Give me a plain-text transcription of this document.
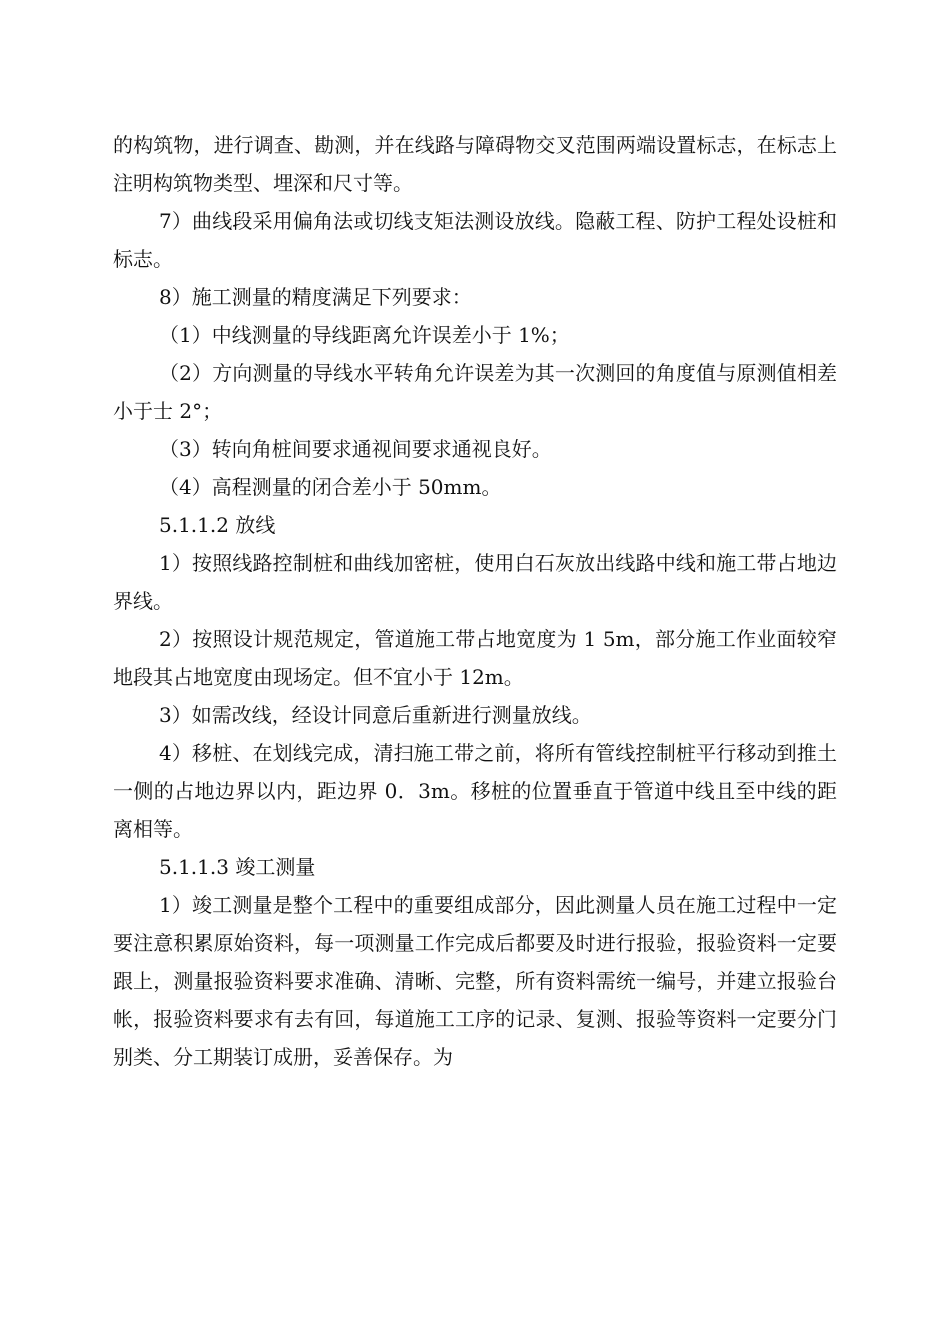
的构筑物，进行调查、勘测，并在线路与障碍物交叉范围两端设置标志，在标志上注明构筑物类型、埋深和尺寸等。

7）曲线段采用偏角法或切线支矩法测设放线。隐蔽工程、防护工程处设桩和标志。

8）施工测量的精度满足下列要求：

（1）中线测量的导线距离允许误差小于 1%；

（2）方向测量的导线水平转角允许误差为其一次测回的角度值与原测值相差小于士 2°；

（3）转向角桩间要求通视间要求通视良好。

（4）高程测量的闭合差小于 50mm。

5.1.1.2 放线

1）按照线路控制桩和曲线加密桩，使用白石灰放出线路中线和施工带占地边界线。

2）按照设计规范规定，管道施工带占地宽度为 1 5m，部分施工作业面较窄地段其占地宽度由现场定。但不宜小于 12m。

3）如需改线，经设计同意后重新进行测量放线。

4）移桩、在划线完成，清扫施工带之前，将所有管线控制桩平行移动到推土一侧的占地边界以内，距边界 0．3m。移桩的位置垂直于管道中线且至中线的距离相等。

5.1.1.3 竣工测量

1）竣工测量是整个工程中的重要组成部分，因此测量人员在施工过程中一定要注意积累原始资料，每一项测量工作完成后都要及时进行报验，报验资料一定要跟上，测量报验资料要求准确、清晰、完整，所有资料需统一编号，并建立报验台帐，报验资料要求有去有回，每道施工工序的记录、复测、报验等资料一定要分门别类、分工期装订成册，妥善保存。为
